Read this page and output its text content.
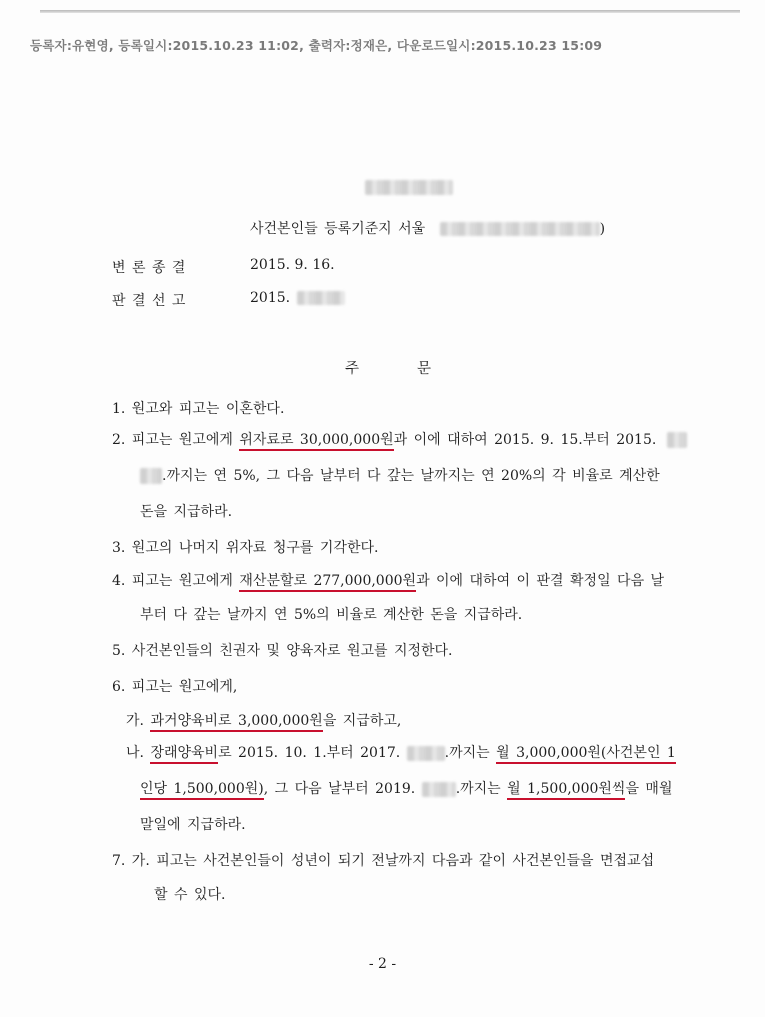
등록자:유현영, 등록일시:2015.10.23 11:02, 출력자:정재은, 다운로드일시:2015.10.23 15:09
사건본인들 등록기준지 서울	)
변 론 종 결	2015. 9. 16.
판 결 선 고	2015.
주	문
1. 원고와 피고는 이혼한다.
2. 피고는 원고에게 위자료로 30,000,000원과 이에 대하여 2015. 9. 15.부터 2015.
.까지는 연 5%, 그 다음 날부터 다 갚는 날까지는 연 20%의 각 비율로 계산한
돈을 지급하라.
3. 원고의 나머지 위자료 청구를 기각한다.
4. 피고는 원고에게 재산분할로 277,000,000원과 이에 대하여 이 판결 확정일 다음 날
부터 다 갚는 날까지 연 5%의 비율로 계산한 돈을 지급하라.
5. 사건본인들의 친권자 및 양육자로 원고를 지정한다.
6. 피고는 원고에게,
가. 과거양육비로 3,000,000원을 지급하고,
나. 장래양육비로 2015. 10. 1.부터 2017.	.까지는 월 3,000,000원(사건본인 1
인당 1,500,000원), 그 다음 날부터 2019.	.까지는 월 1,500,000원씩을 매월
말일에 지급하라.
7. 가. 피고는 사건본인들이 성년이 되기 전날까지 다음과 같이 사건본인들을 면접교섭
할 수 있다.
- 2 -
